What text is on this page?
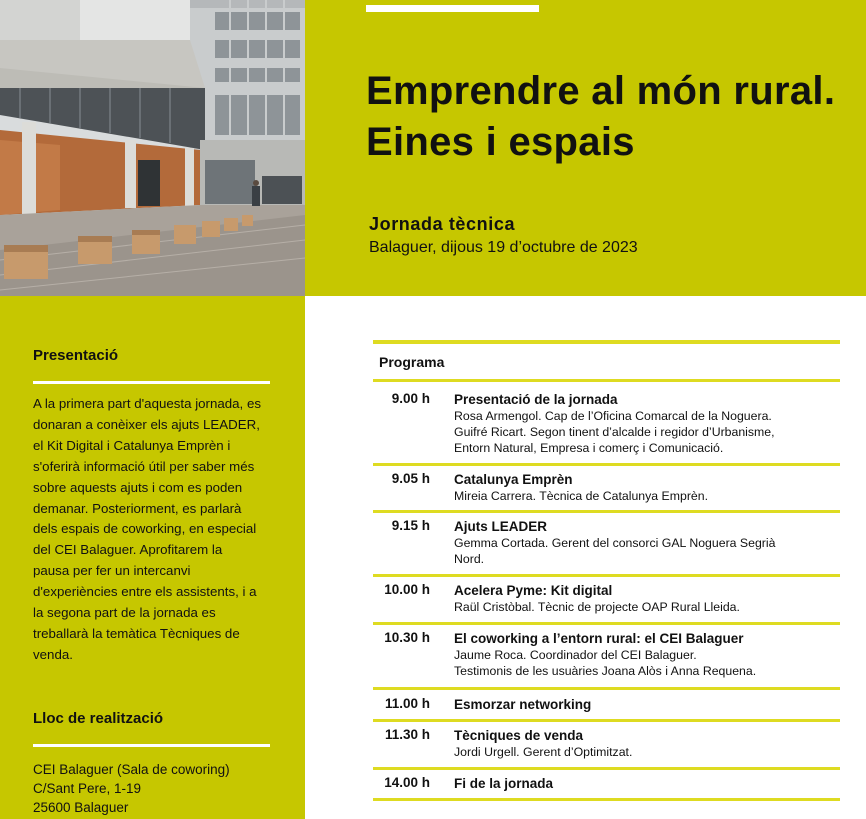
Emprendre al món rural. Eines i espais
Jornada tècnica
Balaguer, dijous 19 d’octubre de 2023
Presentació

A la primera part d'aquesta jornada, es

donaran a conèixer els ajuts LEADER,

el Kit Digital i Catalunya Emprèn i

s'oferirà informació útil per saber més

sobre aquests ajuts i com es poden

demanar. Posteriorment, es parlarà

dels espais de coworking, en especial

del CEI Balaguer. Aprofitarem la

pausa per fer un intercanvi

d'experiències entre els assistents, i a

la segona part de la jornada es

treballarà la temàtica Tècniques de

venda.

Lloc de realització
CEI Balaguer (Sala de coworing)
C/Sant Pere, 1-19
25600 Balaguer
Programa
9.00 h Presentació de la jornada
Rosa Armengol. Cap de l’Oficina Comarcal de la Noguera.
Guifré Ricart. Segon tinent d’alcalde i regidor d’Urbanisme,
Entorn Natural, Empresa i comerç i Comunicació.
9.05 h Catalunya Emprèn
Mireia Carrera. Tècnica de Catalunya Emprèn.
9.15 h Ajuts LEADER
Gemma Cortada. Gerent del consorci GAL Noguera Segrià
Nord.
10.00 h Acelera Pyme: Kit digital
Raül Cristòbal. Tècnic de projecte OAP Rural Lleida.
10.30 h El coworking a l’entorn rural: el CEI Balaguer
Jaume Roca. Coordinador del CEI Balaguer.
Testimonis de les usuàries Joana Alòs i Anna Requena.
11.00 h Esmorzar networking
11.30 h Tècniques de venda
Jordi Urgell. Gerent d’Optimitzat.
14.00 h Fi de la jornada
